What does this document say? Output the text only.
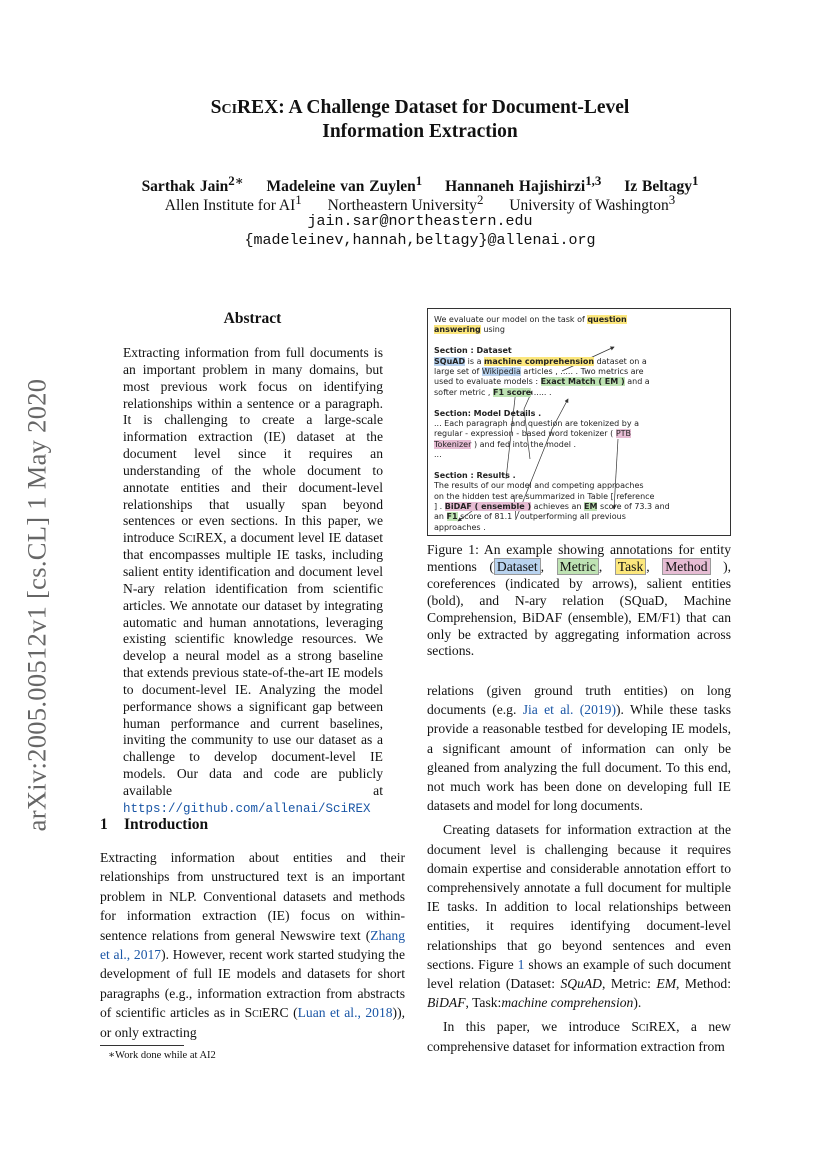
arXiv:2005.00512v1 [cs.CL] 1 May 2020
SciREX: A Challenge Dataset for Document-Level
Information Extraction
Sarthak Jain$^{2∗}$ Madeleine van Zuylen$^1$ Hannaneh Hajishirzi$^{1,3}$ Iz Beltagy$^1$
Allen Institute for $AI^1$ Northeastern University$^2$ University of Washington$^3$
jain.sar@northeastern.edu
{madeleinev,hannah,beltagy}@allenai.org
Abstract
Extracting information from full documents is an important problem in many domains, but most previous work focus on identifying relationships within a sentence or a paragraph. It is challenging to create a large-scale information extraction (IE) dataset at the document level since it requires an understanding of the whole document to annotate entities and their document-level relationships that usually span beyond sentences or even sections. In this paper, we introduce SciREX, a document level IE dataset that encompasses multiple IE tasks, including salient entity identification and document level N-ary relation identification from scientific articles. We annotate our dataset by integrating automatic and human annotations, leveraging existing scientific knowledge resources. We develop a neural model as a strong baseline that extends previous state-of-the-art IE models to document-level IE. Analyzing the model performance shows a significant gap between human performance and current baselines, inviting the community to use our dataset as a challenge to develop document-level IE models. Our data and code are publicly available at https://github.com/allenai/SciREX
1 Introduction
Extracting information about entities and their relationships from unstructured text is an important problem in NLP. Conventional datasets and methods for information extraction (IE) focus on within-sentence relations from general Newswire text (Zhang et al., 2017). However, recent work started studying the development of full IE models and datasets for short paragraphs (e.g., information extraction from abstracts of scientific articles as in SciERC (Luan et al., 2018)), or only extracting
∗Work done while at AI2
We evaluate our model on the task of question
answering using
Section : Dataset
SQuAD is a machine comprehension dataset on a
large set of Wikipedia articles , ..... . Two metrics are
used to evaluate models : Exact Match ( EM ) and a
softer metric , F1 score ..... .
Section: Model Details .
... Each paragraph and question are tokenized by a
regular - expression - based word tokenizer ( PTB
Tokenizer ) and fed into the model .
...
Section : Results .
The results of our model and competing approaches
on the hidden test are summarized in Table [ reference
] . BiDAF ( ensemble ) achieves an EM score of 73.3 and
an F1 score of 81.1 , outperforming all previous
approaches .
Figure 1: An example showing annotations for entity mentions ( Dataset , Metric , Task , Method ), coreferences (indicated by arrows), salient entities (bold), and N-ary relation (SQuaD, Machine Comprehension, BiDAF (ensemble), EM/F1) that can only be extracted by aggregating information across sections.

relations (given ground truth entities) on long documents (e.g. Jia et al. (2019)). While these tasks provide a reasonable testbed for developing IE models, a significant amount of information can only be gleaned from analyzing the full document. To this end, not much work has been done on developing full IE datasets and model for long documents.

Creating datasets for information extraction at the document level is challenging because it requires domain expertise and considerable annotation effort to comprehensively annotate a full document for multiple IE tasks. In addition to local relationships between entities, it requires identifying document-level relationships that go beyond sentences and even sections. Figure 1 shows an example of such document level relation (Dataset: SQuAD, Metric: EM, Method: BiDAF, Task:machine comprehension).

In this paper, we introduce SciREX, a new comprehensive dataset for information extraction from
